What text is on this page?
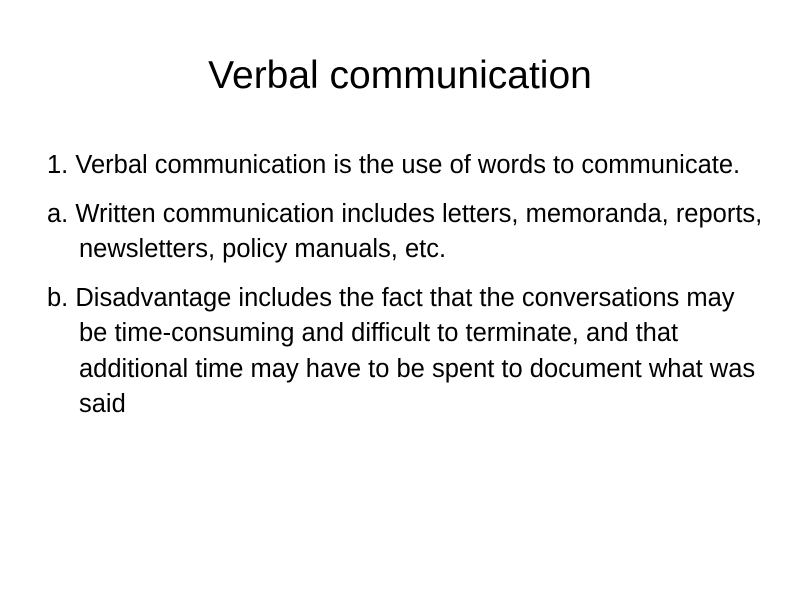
Verbal communication
1. Verbal communication is the use of words to communicate.
a. Written communication includes letters, memoranda, reports, newsletters, policy manuals, etc.
b. Disadvantage includes the fact that the conversations may be time-consuming and difficult to terminate, and that additional time may have to be spent to document what was said
